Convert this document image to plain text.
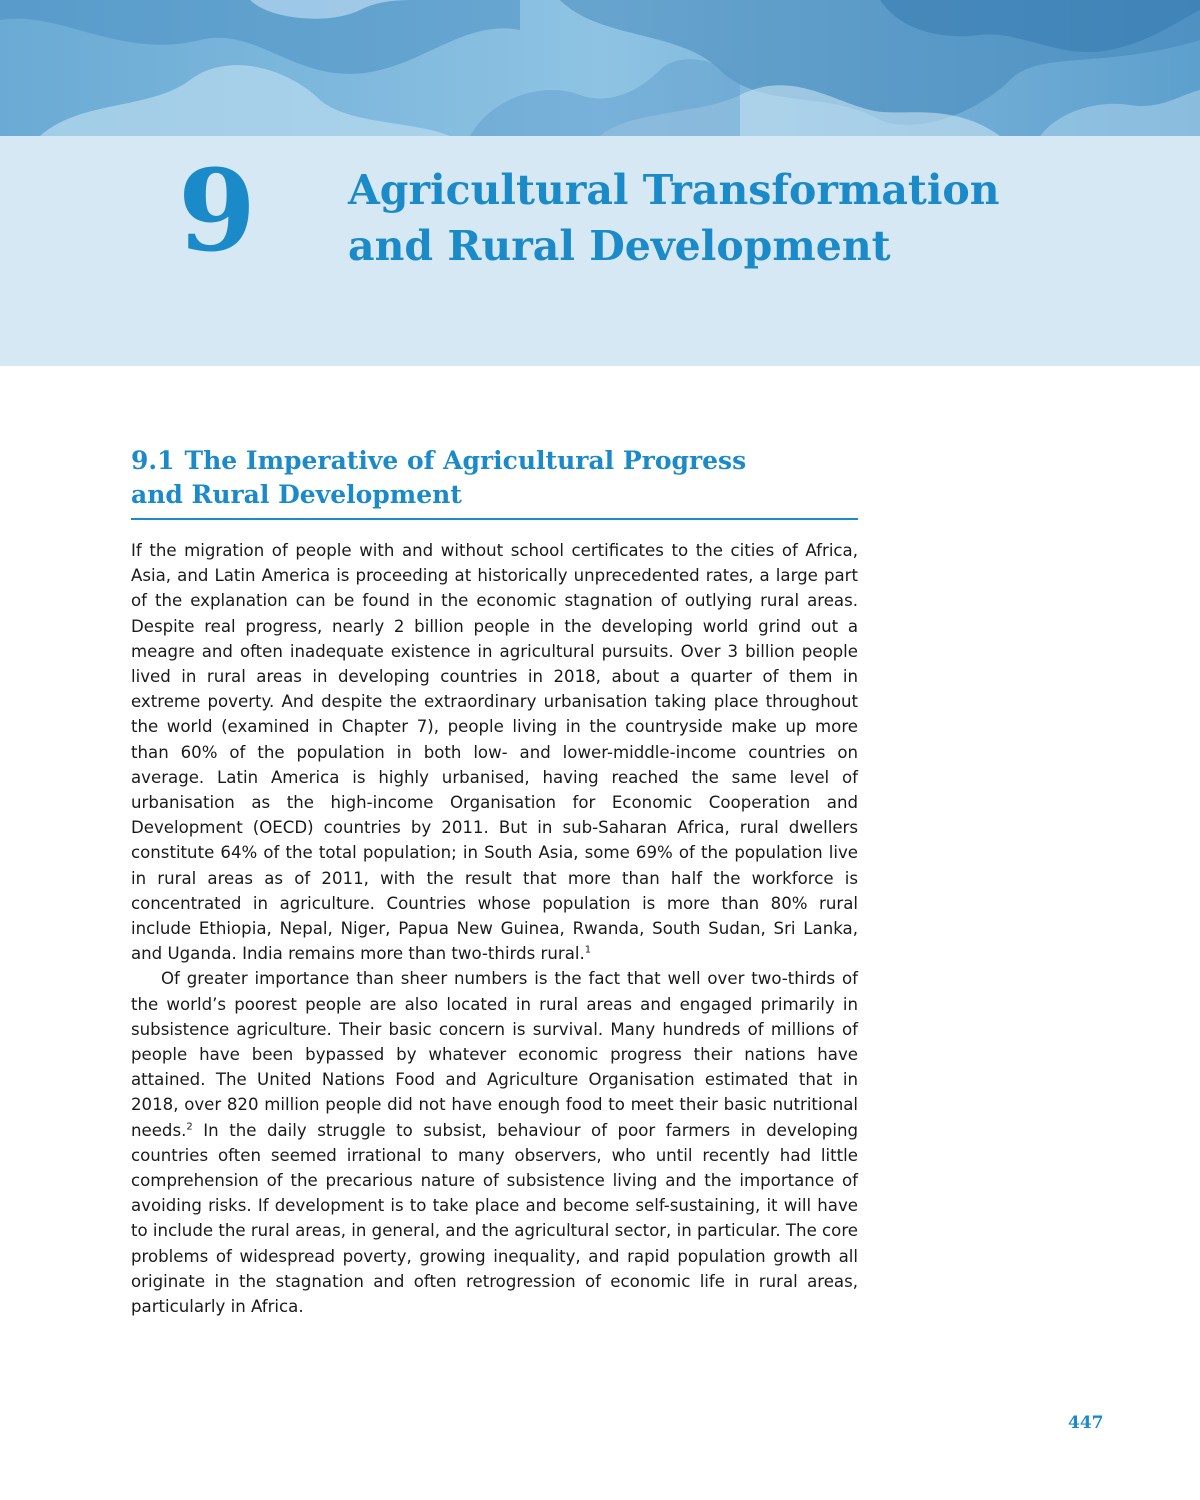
9 Agricultural Transformation
and Rural Development
9.1 The Imperative of Agricultural Progress
and Rural Development

If the migration of people with and without school certificates to the cities of Africa, Asia, and Latin America is proceeding at historically unprecedented rates, a large part of the explanation can be found in the economic stagnation of outlying rural areas. Despite real progress, nearly 2 billion people in the developing world grind out a meagre and often inadequate existence in agricultural pursuits. Over 3 billion people lived in rural areas in developing countries in 2018, about a quarter of them in extreme poverty. And despite the extraordinary urbanisation taking place throughout the world (examined in Chapter 7), people living in the countryside make up more than 60% of the population in both low- and lower-middle-income countries on average. Latin America is highly urbanised, having reached the same level of urbanisation as the high-income Organisation for Economic Cooperation and Development (OECD) countries by 2011. But in sub-Saharan Africa, rural dwellers constitute 64% of the total population; in South Asia, some 69% of the population live in rural areas as of 2011, with the result that more than half the workforce is concentrated in agriculture. Countries whose population is more than 80% rural include Ethiopia, Nepal, Niger, Papua New Guinea, Rwanda, South Sudan, Sri Lanka, and Uganda. India remains more than two-thirds rural.$^1$

Of greater importance than sheer numbers is the fact that well over two-thirds of the world’s poorest people are also located in rural areas and engaged primarily in subsistence agriculture. Their basic concern is survival. Many hundreds of millions of people have been bypassed by whatever economic progress their nations have attained. The United Nations Food and Agriculture Organisation estimated that in 2018, over 820 million people did not have enough food to meet their basic nutritional needs.$^2$ In the daily struggle to subsist, behaviour of poor farmers in developing countries often seemed irrational to many observers, who until recently had little comprehension of the precarious nature of subsistence living and the importance of avoiding risks. If development is to take place and become self-sustaining, it will have to include the rural areas, in general, and the agricultural sector, in particular. The core problems of widespread poverty, growing inequality, and rapid population growth all originate in the stagnation and often retrogression of economic life in rural areas, particularly in Africa.

447
